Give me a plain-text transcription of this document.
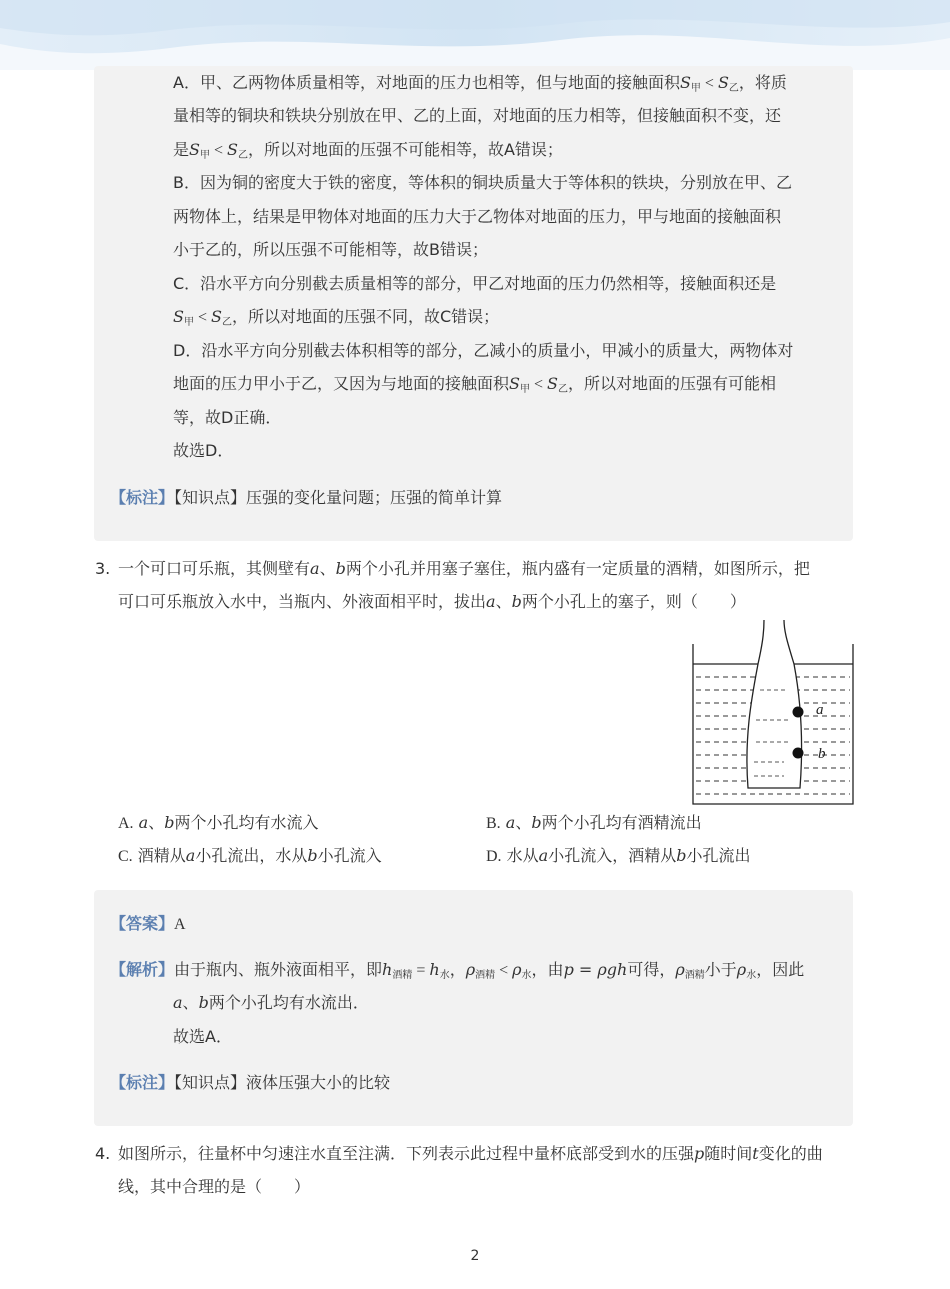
A．甲、乙两物体质量相等，对地面的压力也相等，但与地面的接触面积$S_甲 < S_乙$，将质
量相等的铜块和铁块分别放在甲、乙的上面，对地面的压力相等，但接触面积不变，还
是$S_甲 < S_乙$，所以对地面的压强不可能相等，故A错误；
B．因为铜的密度大于铁的密度，等体积的铜块质量大于等体积的铁块，分别放在甲、乙
两物体上，结果是甲物体对地面的压力大于乙物体对地面的压力，甲与地面的接触面积
小于乙的，所以压强不可能相等，故B错误；
C．沿水平方向分别截去质量相等的部分，甲乙对地面的压力仍然相等，接触面积还是
$S_甲 < S_乙$，所以对地面的压强不同，故C错误；
D．沿水平方向分别截去体积相等的部分，乙减小的质量小，甲减小的质量大，两物体对
地面的压力甲小于乙，又因为与地面的接触面积$S_甲 < S_乙$，所以对地面的压强有可能相
等，故D正确．
故选D．
【标注】【知识点】压强的变化量问题；压强的简单计算
3. 一个可口可乐瓶，其侧壁有a、b两个小孔并用塞子塞住，瓶内盛有一定质量的酒精，如图所示，把
可口可乐瓶放入水中，当瓶内、外液面相平时，拔出a、b两个小孔上的塞子，则（　　）
a
b
A. a、b两个小孔均有水流入	B. a、b两个小孔均有酒精流出
C. 酒精从a小孔流出，水从b小孔流入	D. 水从a小孔流入，酒精从b小孔流出
【答案】A
【解析】由于瓶内、瓶外液面相平，即$h_{酒精} = h_水$，$\rho_{酒精} < \rho_水$，由p = ρgh可得，$\rho_{酒精}$小于$\rho_水$，因此
a、b两个小孔均有水流出．
故选A．
【标注】【知识点】液体压强大小的比较
4. 如图所示，往量杯中匀速注水直至注满．下列表示此过程中量杯底部受到水的压强p随时间t变化的曲
线，其中合理的是（　　）
2
